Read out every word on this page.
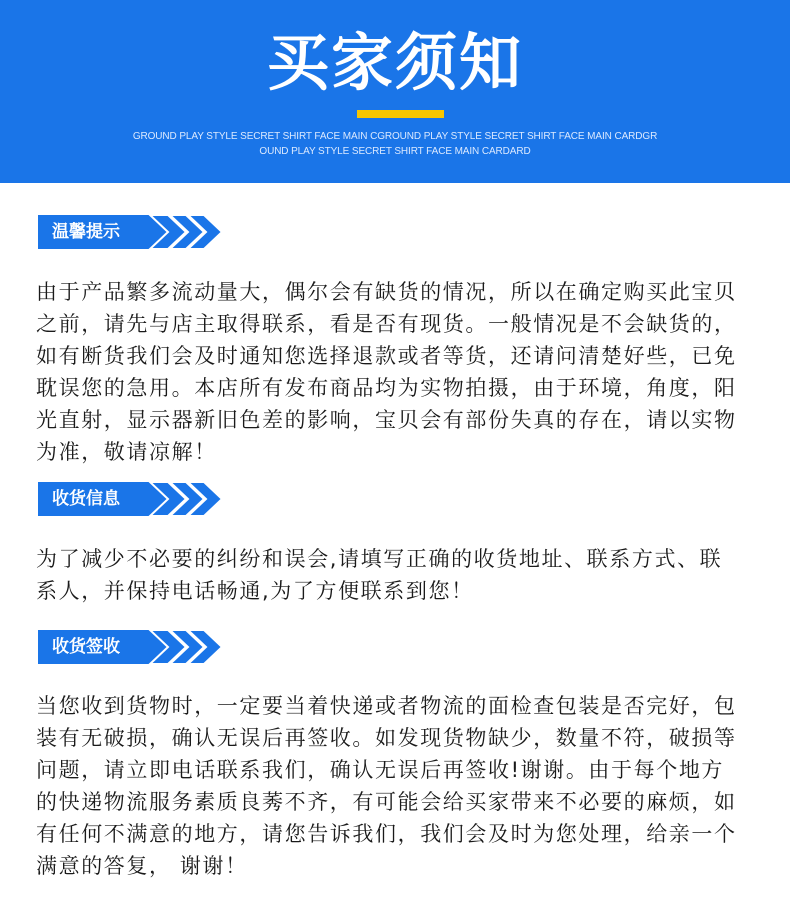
买家须知
GROUND PLAY STYLE SECRET SHIRT FACE MAIN CGROUND PLAY STYLE SECRET SHIRT FACE MAIN CARDGR
OUND PLAY STYLE SECRET SHIRT FACE MAIN CARDARD
温馨提示
由于产品繁多流动量大，偶尔会有缺货的情况，所以在确定购买此宝贝
之前，请先与店主取得联系，看是否有现货。一般情况是不会缺货的，
如有断货我们会及时通知您选择退款或者等货，还请问清楚好些，已免
耽误您的急用。本店所有发布商品均为实物拍摄，由于环境，角度，阳
光直射，显示器新旧色差的影响，宝贝会有部份失真的存在，请以实物
为准，敬请凉解！
收货信息
为了减少不必要的纠纷和误会,请填写正确的收货地址、联系方式、联
系人，并保持电话畅通,为了方便联系到您！
收货签收
当您收到货物时，一定要当着快递或者物流的面检查包装是否完好，包
装有无破损，确认无误后再签收。如发现货物缺少，数量不符，破损等
问题，请立即电话联系我们，确认无误后再签收!谢谢。由于每个地方
的快递物流服务素质良莠不齐，有可能会给买家带来不必要的麻烦，如
有任何不满意的地方，请您告诉我们，我们会及时为您处理，给亲一个
满意的答复， 谢谢！
